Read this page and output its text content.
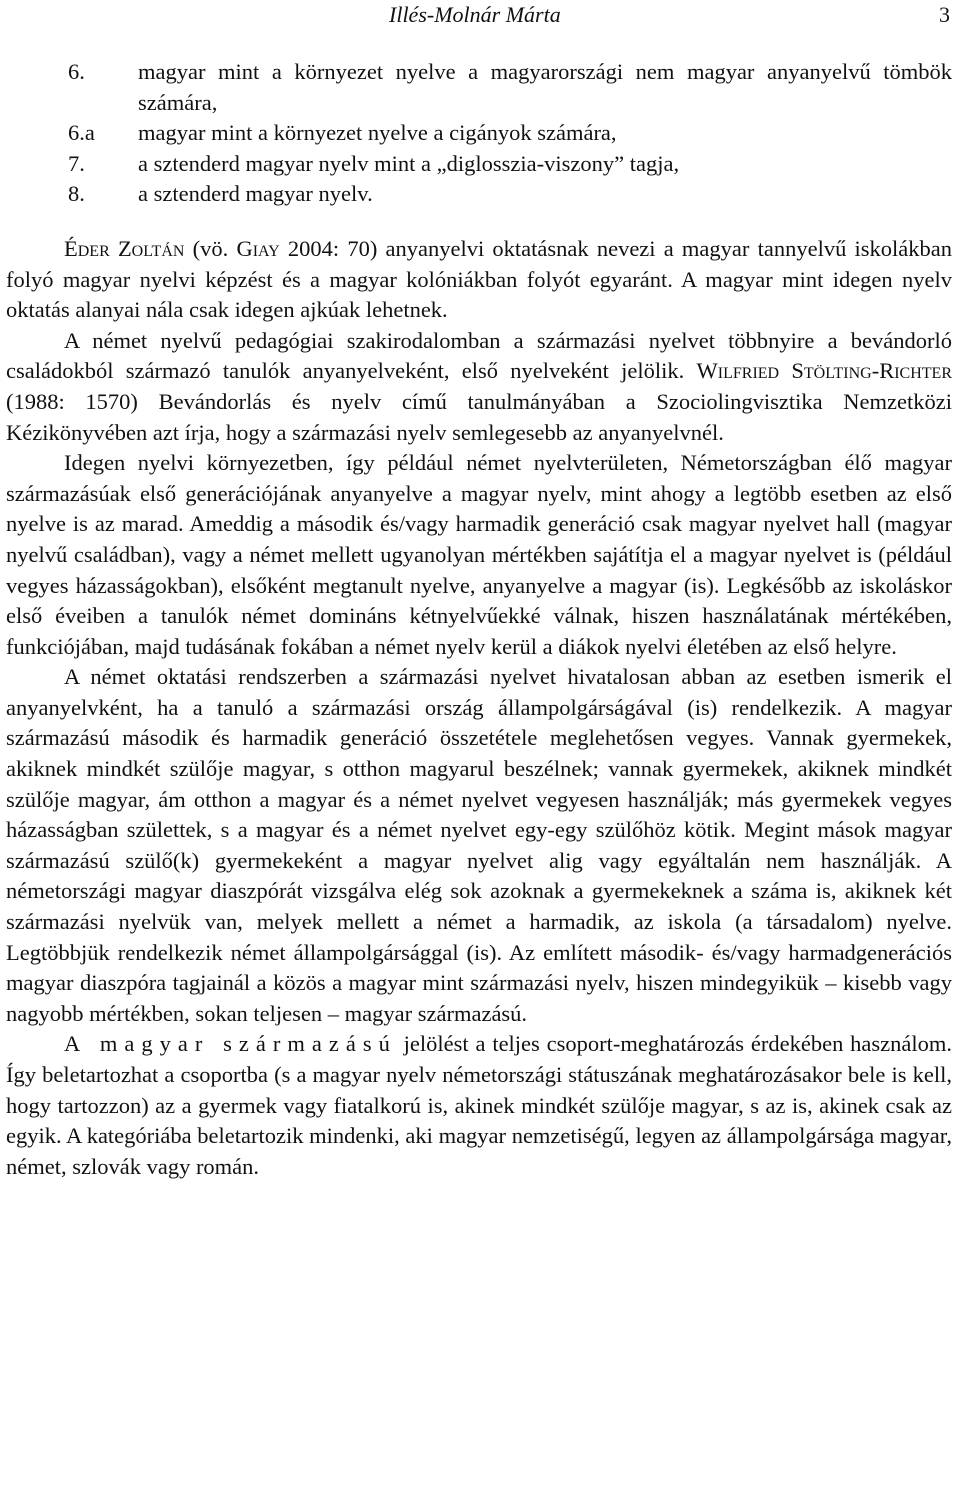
Illés-Molnár Márta	3
6.	magyar mint a környezet nyelve a magyarországi nem magyar anyanyelvű tömbök számára,
6.a	magyar mint a környezet nyelve a cigányok számára,
7.	a sztenderd magyar nyelv mint a „diglosszia-viszony” tagja,
8.	a sztenderd magyar nyelv.

Éder Zoltán (vö. Giay 2004: 70) anyanyelvi oktatásnak nevezi a magyar tannyelvű iskolákban folyó magyar nyelvi képzést és a magyar kolóniákban folyót egyaránt. A magyar mint idegen nyelv oktatás alanyai nála csak idegen ajkúak lehetnek.

A német nyelvű pedagógiai szakirodalomban a származási nyelvet többnyire a bevándorló családokból származó tanulók anyanyelveként, első nyelveként jelölik. Wilfried Stölting-Richter (1988: 1570) Bevándorlás és nyelv című tanulmányában a Szociolingvisztika Nemzetközi Kézikönyvében azt írja, hogy a származási nyelv semlegesebb az anyanyelvnél.

Idegen nyelvi környezetben, így például német nyelvterületen, Németországban élő magyar származásúak első generációjának anyanyelve a magyar nyelv, mint ahogy a legtöbb esetben az első nyelve is az marad. Ameddig a második és/vagy harmadik generáció csak magyar nyelvet hall (magyar nyelvű családban), vagy a német mellett ugyanolyan mértékben sajátítja el a magyar nyelvet is (például vegyes házasságokban), elsőként megtanult nyelve, anyanyelve a magyar (is). Legkésőbb az iskoláskor első éveiben a tanulók német domináns kétnyelvűekké válnak, hiszen használatának mértékében, funkciójában, majd tudásának fokában a német nyelv kerül a diákok nyelvi életében az első helyre.

A német oktatási rendszerben a származási nyelvet hivatalosan abban az esetben ismerik el anyanyelvként, ha a tanuló a származási ország állampolgárságával (is) rendelkezik. A magyar származású második és harmadik generáció összetétele meglehetősen vegyes. Vannak gyermekek, akiknek mindkét szülője magyar, s otthon magyarul beszélnek; vannak gyermekek, akiknek mindkét szülője magyar, ám otthon a magyar és a német nyelvet vegyesen használják; más gyermekek vegyes házasságban születtek, s a magyar és a német nyelvet egy-egy szülőhöz kötik. Megint mások magyar származású szülő(k) gyermekeként a magyar nyelvet alig vagy egyáltalán nem használják. A németországi magyar diaszpórát vizsgálva elég sok azoknak a gyermekeknek a száma is, akiknek két származási nyelvük van, melyek mellett a német a harmadik, az iskola (a társadalom) nyelve. Legtöbbjük rendelkezik német állampolgársággal (is). Az említett második- és/vagy harmadgenerációs magyar diaszpóra tagjainál a közös a magyar mint származási nyelv, hiszen mindegyikük – kisebb vagy nagyobb mértékben, sokan teljesen – magyar származású.

A magyar származású jelölést a teljes csoport-meghatározás érdekében használom. Így beletartozhat a csoportba (s a magyar nyelv németországi státuszának meghatározásakor bele is kell, hogy tartozzon) az a gyermek vagy fiatalkorú is, akinek mindkét szülője magyar, s az is, akinek csak az egyik. A kategóriába beletartozik mindenki, aki magyar nemzetiségű, legyen az állampolgársága magyar, német, szlovák vagy román.
